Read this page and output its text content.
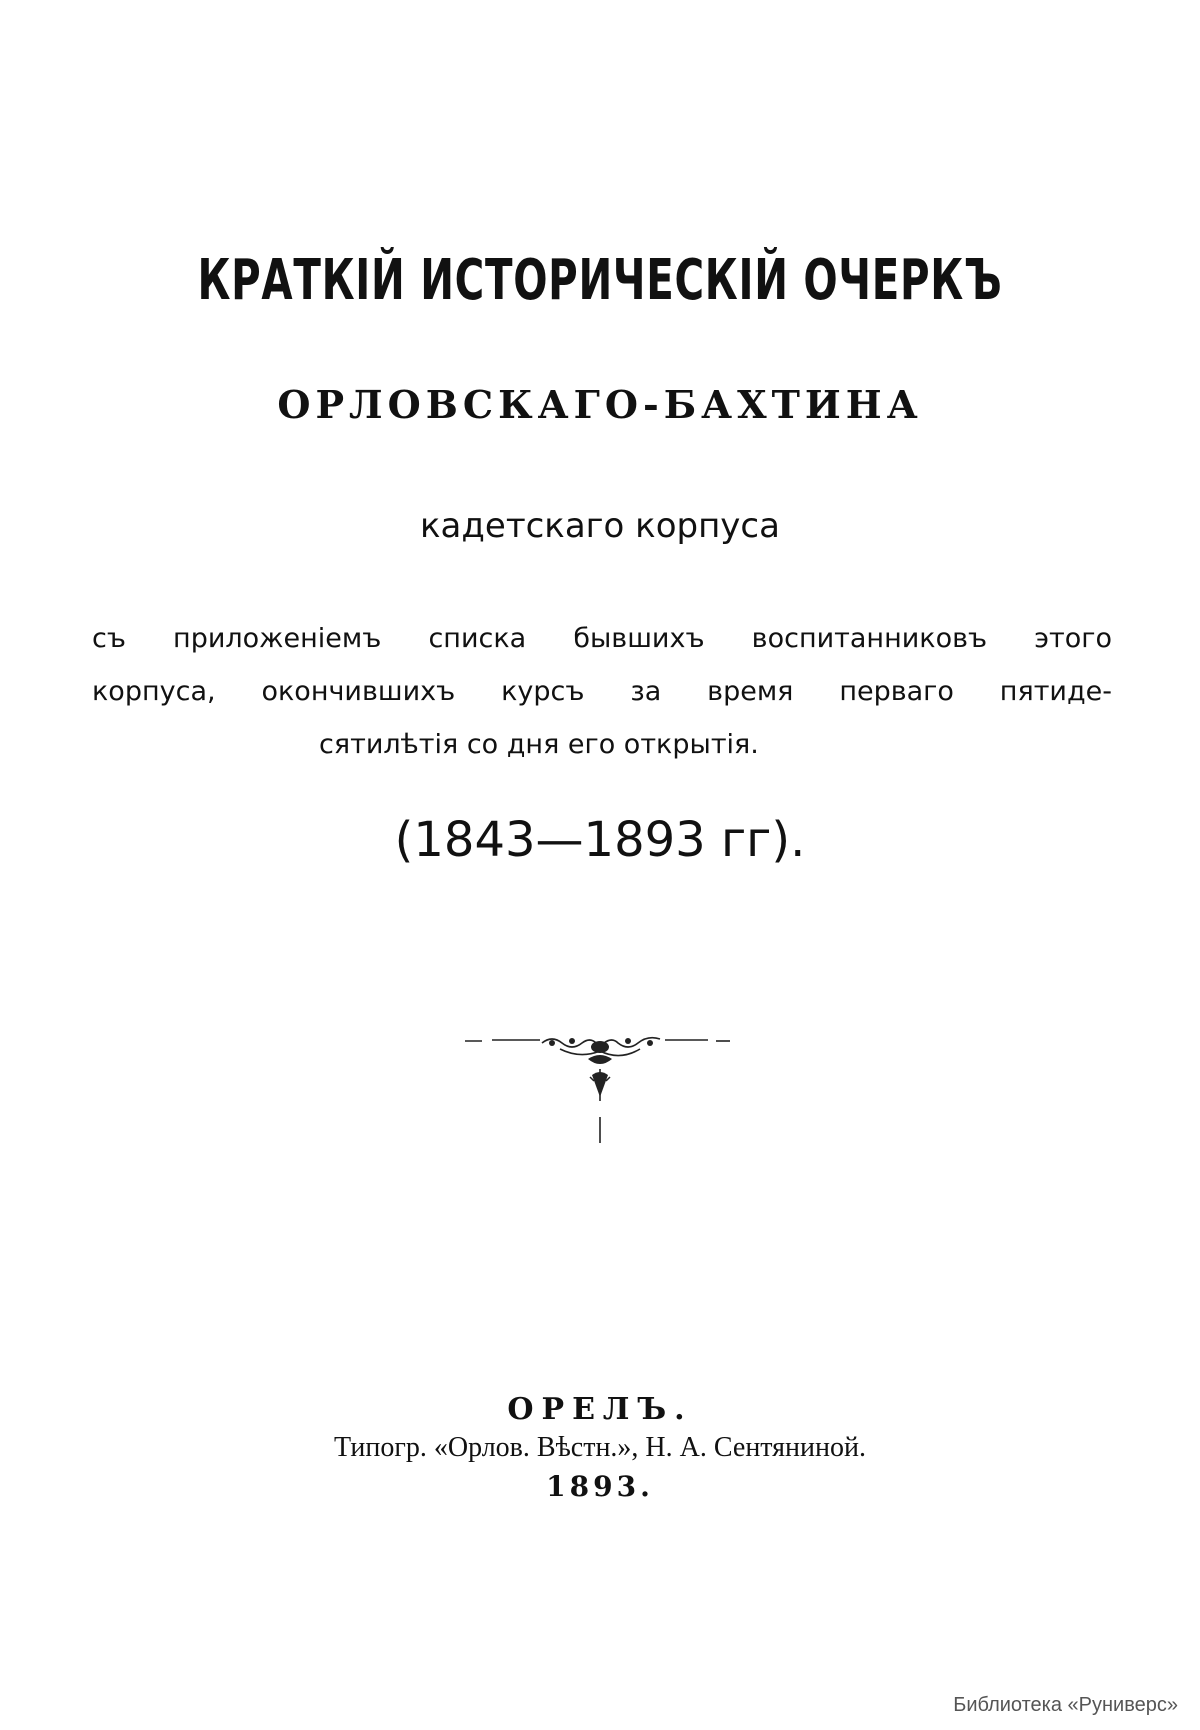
КРАТКІЙ ИСТОРИЧЕСКІЙ ОЧЕРКЪ
ОРЛОВСКАГО-БАХТИНА
кадетскаго корпуса
съ приложеніемъ списка бывшихъ воспитанниковъ этого
корпуса, окончившихъ курсъ за время перваго пятиде-
сятилѣтія со дня его открытія.
(1843—1893 гг).
ОРЕЛЪ.
Типогр. «Орлов. Вѣстн.», Н. А. Сентяниной.
1893.
Библиотека «Руниверс»
